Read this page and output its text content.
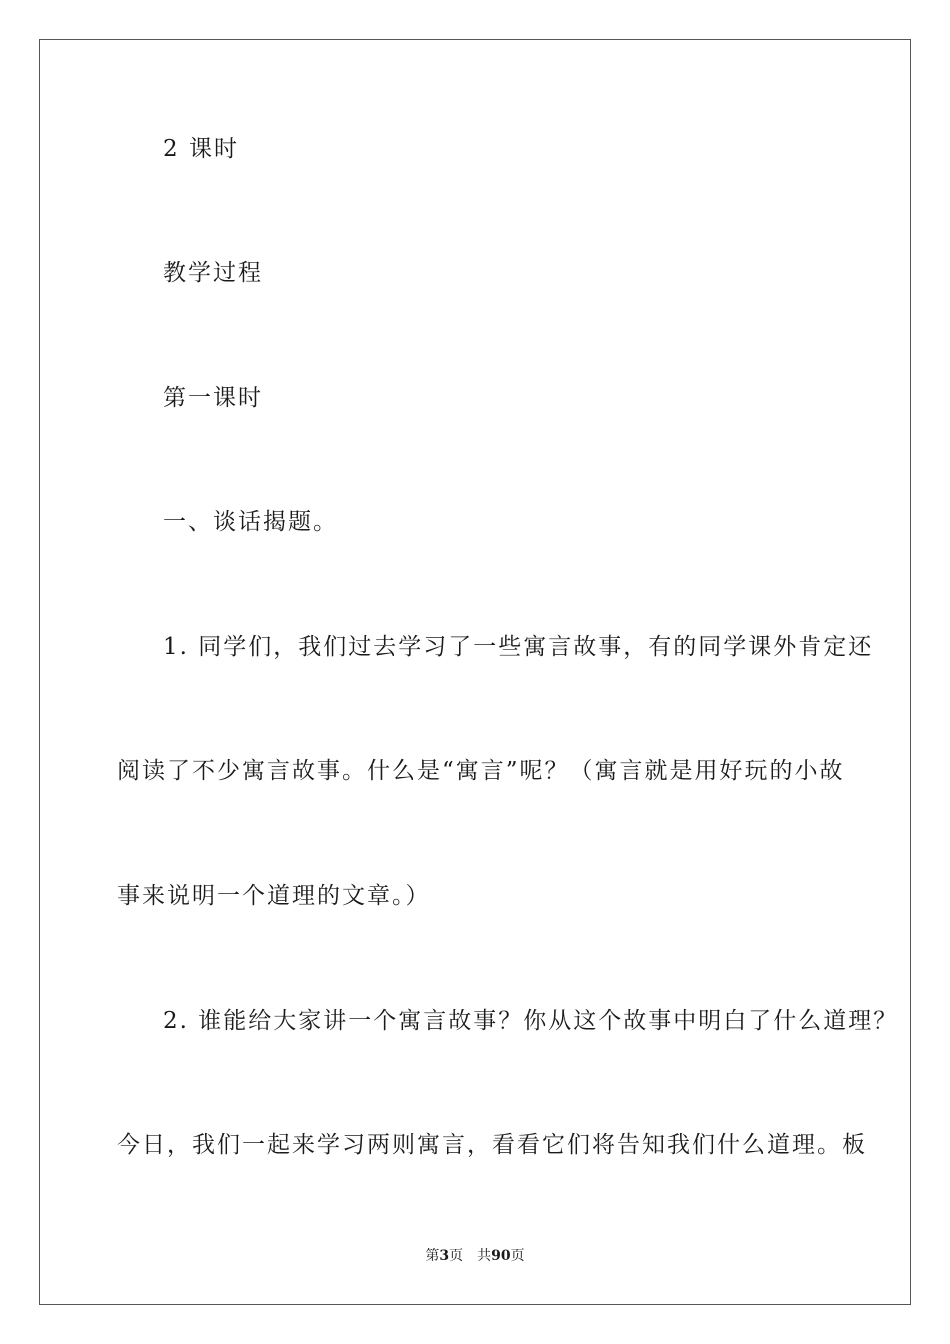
2 课时
教学过程
第一课时
一、谈话揭题。
1. 同学们，我们过去学习了一些寓言故事，有的同学课外肯定还
阅读了不少寓言故事。什么是“寓言”呢？（寓言就是用好玩的小故
事来说明一个道理的文章。）
2. 谁能给大家讲一个寓言故事？你从这个故事中明白了什么道理？
今日，我们一起来学习两则寓言，看看它们将告知我们什么道理。板
第3页　共90页
